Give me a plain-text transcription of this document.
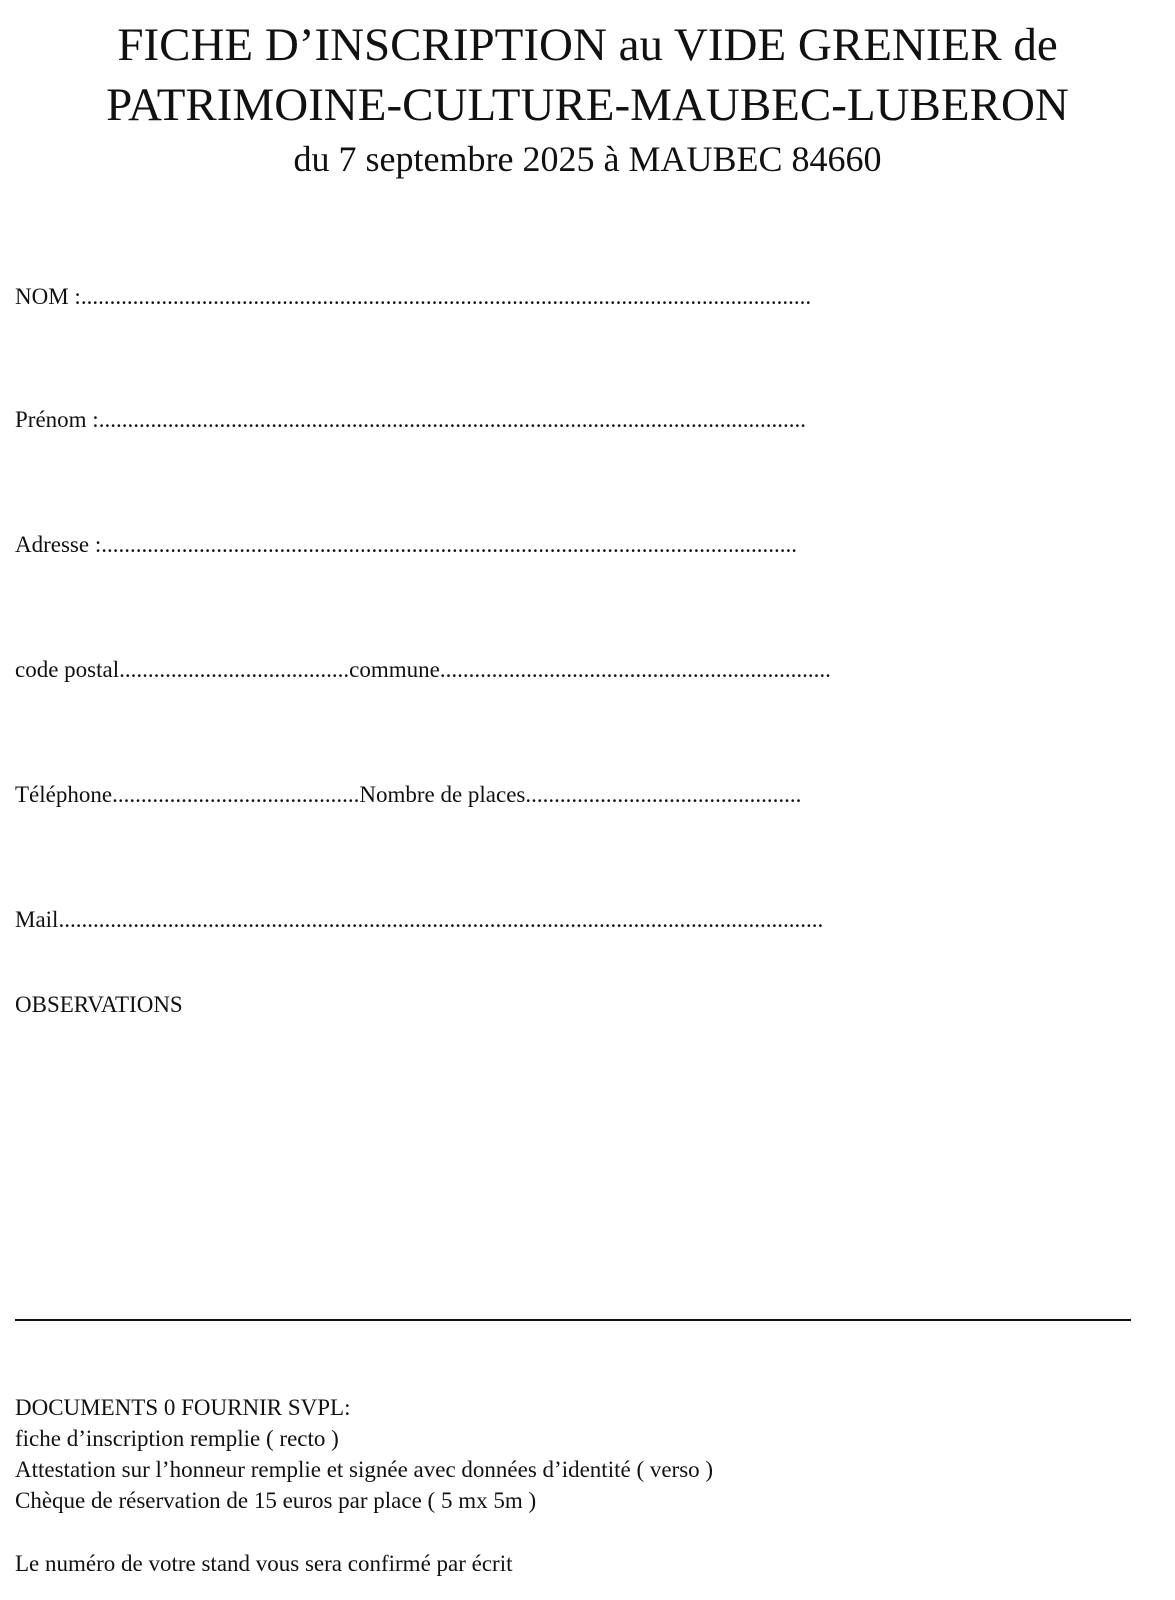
FICHE D’INSCRIPTION au VIDE GRENIER de
PATRIMOINE-CULTURE-MAUBEC-LUBERON
du 7 septembre 2025 à MAUBEC 84660
NOM :...............................................................................................................................
Prénom :...........................................................................................................................
Adresse :.........................................................................................................................
code postal........................................commune....................................................................
Téléphone...........................................Nombre de places................................................
Mail.....................................................................................................................................
OBSERVATIONS
DOCUMENTS 0 FOURNIR SVPL:
fiche d’inscription remplie ( recto )
Attestation sur l’honneur remplie et signée avec données d’identité ( verso )
Chèque de réservation de 15 euros par place ( 5 mx 5m )
Le numéro de votre stand vous sera confirmé par écrit
